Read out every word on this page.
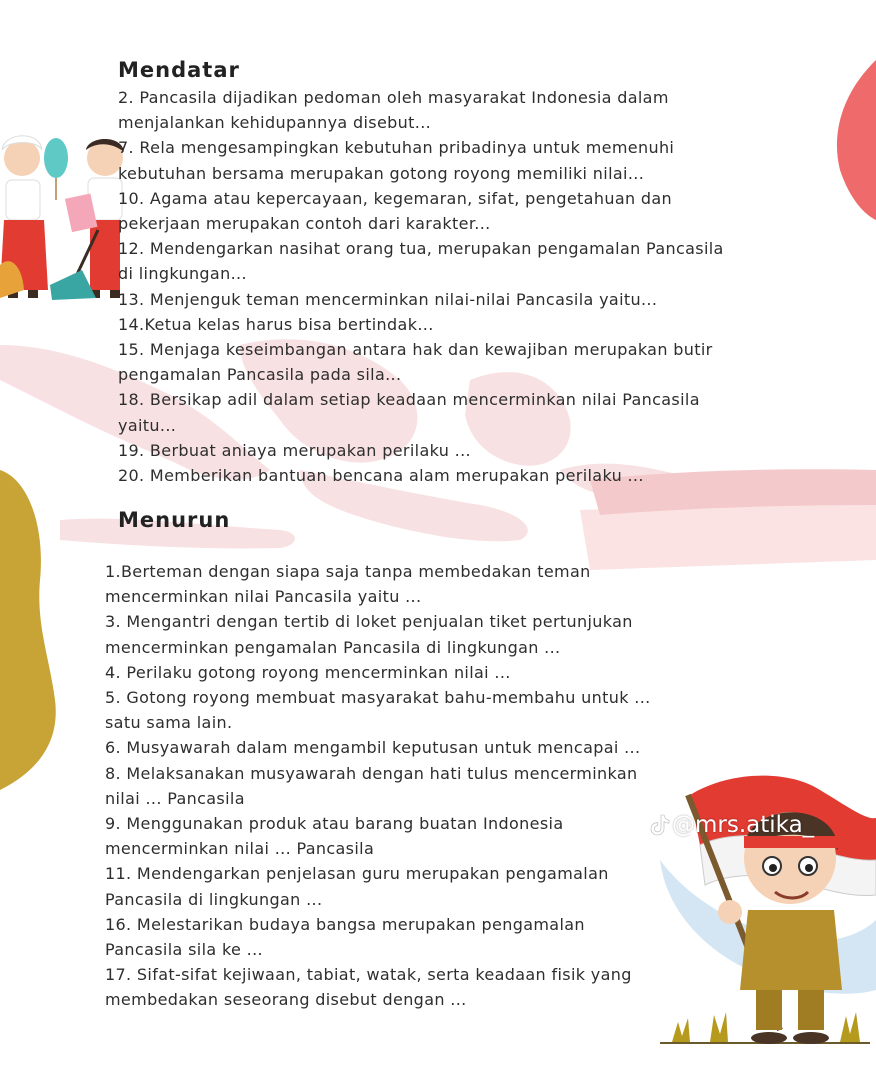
Mendatar
2. Pancasila dijadikan pedoman oleh masyarakat Indonesia dalam
menjalankan kehidupannya disebut...
7. Rela mengesampingkan kebutuhan pribadinya untuk memenuhi
kebutuhan bersama merupakan gotong royong memiliki nilai...
10. Agama atau kepercayaan, kegemaran, sifat, pengetahuan dan
pekerjaan merupakan contoh dari karakter...
12. Mendengarkan nasihat orang tua, merupakan pengamalan Pancasila
di lingkungan...
13. Menjenguk teman mencerminkan nilai-nilai Pancasila yaitu...
14.Ketua kelas harus bisa bertindak...
15. Menjaga keseimbangan antara hak dan kewajiban merupakan butir
pengamalan Pancasila pada sila...
18. Bersikap adil dalam setiap keadaan mencerminkan nilai Pancasila
yaitu...
19. Berbuat aniaya merupakan perilaku ...
20. Memberikan bantuan bencana alam merupakan perilaku ...
Menurun
1.Berteman dengan siapa saja tanpa membedakan teman
mencerminkan nilai Pancasila yaitu ...
3. Mengantri dengan tertib di loket penjualan tiket pertunjukan
mencerminkan pengamalan Pancasila di lingkungan ...
4. Perilaku gotong royong mencerminkan nilai ...
5. Gotong royong membuat masyarakat bahu-membahu untuk ...
satu sama lain.
6. Musyawarah dalam mengambil keputusan untuk mencapai ...
8. Melaksanakan musyawarah dengan hati tulus mencerminkan
nilai ... Pancasila
9. Menggunakan produk atau barang buatan Indonesia
mencerminkan nilai ... Pancasila
11. Mendengarkan penjelasan guru merupakan pengamalan
Pancasila di lingkungan ...
16. Melestarikan budaya bangsa merupakan pengamalan
Pancasila sila ke ...
17. Sifat-sifat kejiwaan, tabiat, watak, serta keadaan fisik yang
membedakan seseorang disebut dengan ...
@mrs.atika_
